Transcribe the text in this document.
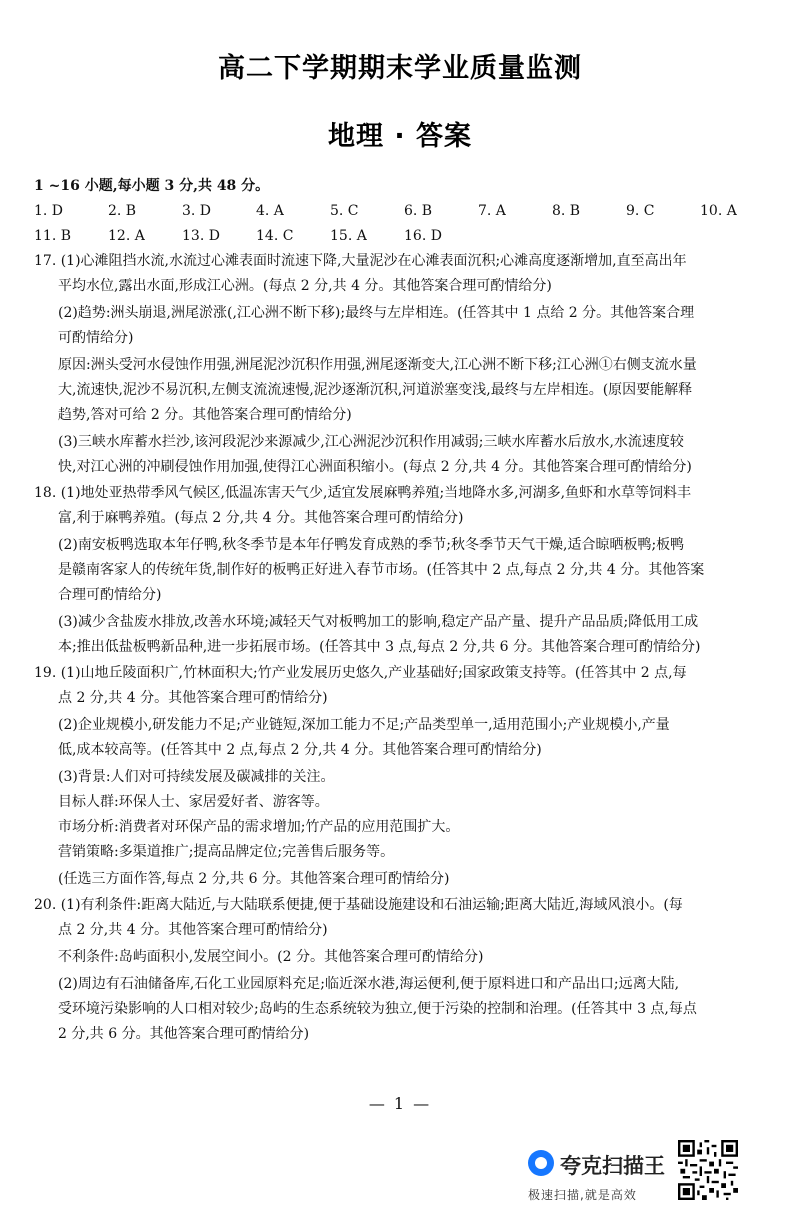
高二下学期期末学业质量监测
地理 · 答案
1 ~16 小题,每小题 3 分,共 48 分。
1. D	2. B	3. D	4. A	5. C	6. B	7. A	8. B	9. C	10. A
11. B	12. A	13. D	14. C	15. A	16. D
17. (1)心滩阻挡水流,水流过心滩表面时流速下降,大量泥沙在心滩表面沉积;心滩高度逐渐增加,直至高出年
平均水位,露出水面,形成江心洲。(每点 2 分,共 4 分。其他答案合理可酌情给分)
(2)趋势:洲头崩退,洲尾淤涨(,江心洲不断下移);最终与左岸相连。(任答其中 1 点给 2 分。其他答案合理
可酌情给分)
原因:洲头受河水侵蚀作用强,洲尾泥沙沉积作用强,洲尾逐渐变大,江心洲不断下移;江心洲①右侧支流水量
大,流速快,泥沙不易沉积,左侧支流流速慢,泥沙逐渐沉积,河道淤塞变浅,最终与左岸相连。(原因要能解释
趋势,答对可给 2 分。其他答案合理可酌情给分)
(3)三峡水库蓄水拦沙,该河段泥沙来源减少,江心洲泥沙沉积作用减弱;三峡水库蓄水后放水,水流速度较
快,对江心洲的冲刷侵蚀作用加强,使得江心洲面积缩小。(每点 2 分,共 4 分。其他答案合理可酌情给分)
18. (1)地处亚热带季风气候区,低温冻害天气少,适宜发展麻鸭养殖;当地降水多,河湖多,鱼虾和水草等饲料丰
富,利于麻鸭养殖。(每点 2 分,共 4 分。其他答案合理可酌情给分)
(2)南安板鸭选取本年仔鸭,秋冬季节是本年仔鸭发育成熟的季节;秋冬季节天气干燥,适合晾晒板鸭;板鸭
是赣南客家人的传统年货,制作好的板鸭正好进入春节市场。(任答其中 2 点,每点 2 分,共 4 分。其他答案
合理可酌情给分)
(3)减少含盐废水排放,改善水环境;减轻天气对板鸭加工的影响,稳定产品产量、提升产品品质;降低用工成
本;推出低盐板鸭新品种,进一步拓展市场。(任答其中 3 点,每点 2 分,共 6 分。其他答案合理可酌情给分)
19. (1)山地丘陵面积广,竹林面积大;竹产业发展历史悠久,产业基础好;国家政策支持等。(任答其中 2 点,每
点 2 分,共 4 分。其他答案合理可酌情给分)
(2)企业规模小,研发能力不足;产业链短,深加工能力不足;产品类型单一,适用范围小;产业规模小,产量
低,成本较高等。(任答其中 2 点,每点 2 分,共 4 分。其他答案合理可酌情给分)
(3)背景:人们对可持续发展及碳减排的关注。
目标人群:环保人士、家居爱好者、游客等。
市场分析:消费者对环保产品的需求增加;竹产品的应用范围扩大。
营销策略:多渠道推广;提高品牌定位;完善售后服务等。
(任选三方面作答,每点 2 分,共 6 分。其他答案合理可酌情给分)
20. (1)有利条件:距离大陆近,与大陆联系便捷,便于基础设施建设和石油运输;距离大陆近,海域风浪小。(每
点 2 分,共 4 分。其他答案合理可酌情给分)
不利条件:岛屿面积小,发展空间小。(2 分。其他答案合理可酌情给分)
(2)周边有石油储备库,石化工业园原料充足;临近深水港,海运便利,便于原料进口和产品出口;远离大陆,
受环境污染影响的人口相对较少;岛屿的生态系统较为独立,便于污染的控制和治理。(任答其中 3 点,每点
2 分,共 6 分。其他答案合理可酌情给分)
— 1 —
夸克扫描王
极速扫描,就是高效
